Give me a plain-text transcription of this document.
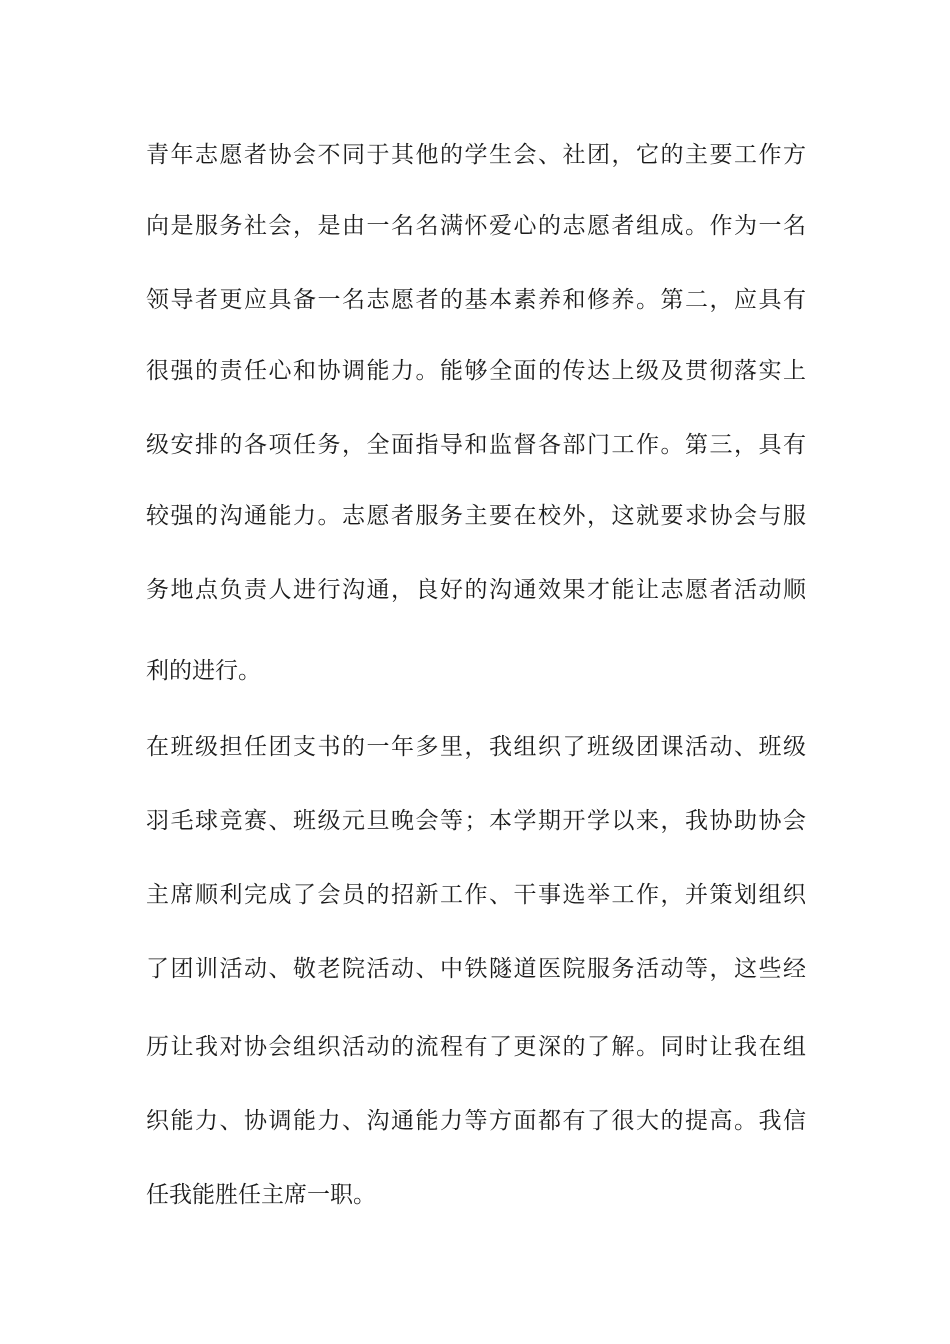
青年志愿者协会不同于其他的学生会、社团，它的主要工作方

向是服务社会，是由一名名满怀爱心的志愿者组成。作为一名

领导者更应具备一名志愿者的基本素养和修养。第二，应具有

很强的责任心和协调能力。能够全面的传达上级及贯彻落实上

级安排的各项任务，全面指导和监督各部门工作。第三，具有

较强的沟通能力。志愿者服务主要在校外，这就要求协会与服

务地点负责人进行沟通，良好的沟通效果才能让志愿者活动顺

利的进行。

在班级担任团支书的一年多里，我组织了班级团课活动、班级

羽毛球竞赛、班级元旦晚会等；本学期开学以来，我协助协会

主席顺利完成了会员的招新工作、干事选举工作，并策划组织

了团训活动、敬老院活动、中铁隧道医院服务活动等，这些经

历让我对协会组织活动的流程有了更深的了解。同时让我在组

织能力、协调能力、沟通能力等方面都有了很大的提高。我信

任我能胜任主席一职。
